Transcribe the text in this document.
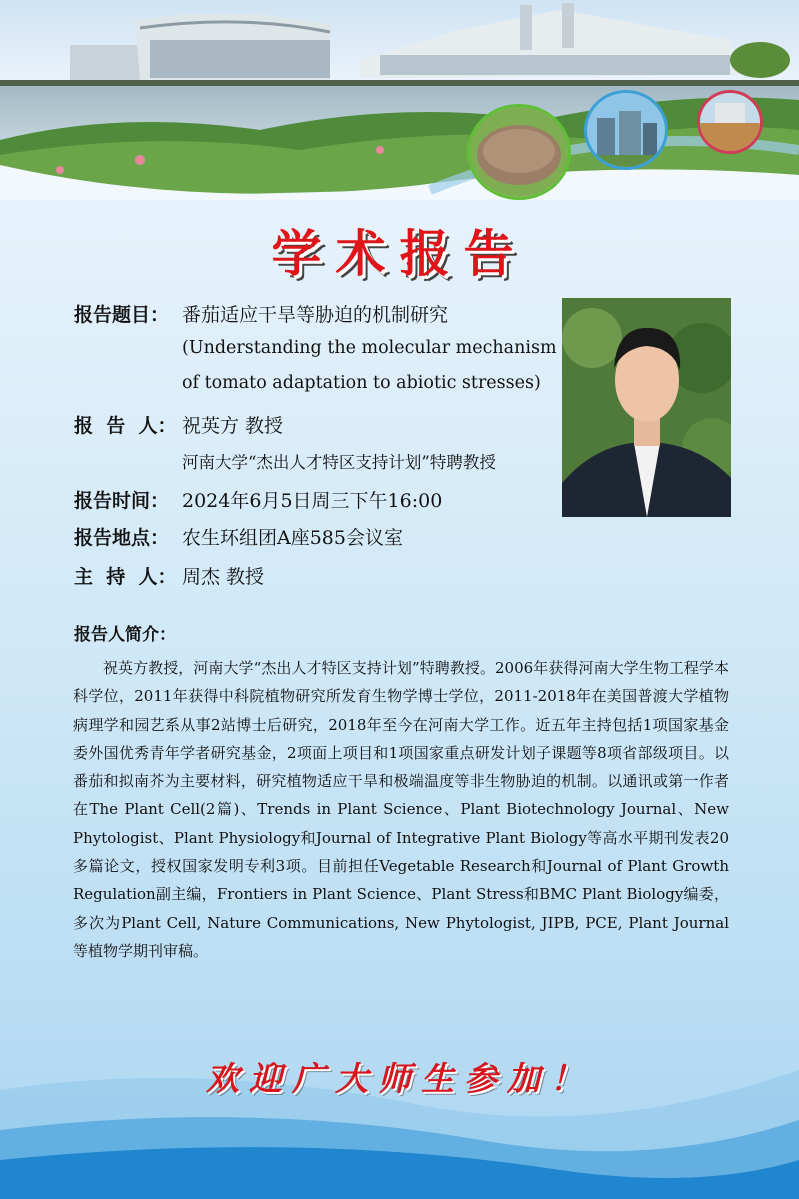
学术报告
报告题目： 番茄适应干旱等胁迫的机制研究
(Understanding the molecular mechanism
of tomato adaptation to abiotic stresses)
报  告  人： 祝英方 教授
河南大学“杰出人才特区支持计划”特聘教授
报告时间： 2024年6月5日周三下午16:00
报告地点： 农生环组团A座585会议室
主  持  人： 周杰 教授
报告人简介：
祝英方教授，河南大学“杰出人才特区支持计划”特聘教授。2006年获得河南大学生物工程学本科学位，2011年获得中科院植物研究所发育生物学博士学位，2011-2018年在美国普渡大学植物病理学和园艺系从事2站博士后研究，2018年至今在河南大学工作。近五年主持包括1项国家基金委外国优秀青年学者研究基金，2项面上项目和1项国家重点研发计划子课题等8项省部级项目。以番茄和拟南芥为主要材料，研究植物适应干旱和极端温度等非生物胁迫的机制。以通讯或第一作者在The Plant Cell(2篇)、Trends in Plant Science、Plant Biotechnology Journal、New Phytologist、Plant Physiology和Journal of Integrative Plant Biology等高水平期刊发表20多篇论文，授权国家发明专利3项。目前担任Vegetable Research和Journal of Plant Growth Regulation副主编，Frontiers in Plant Science、Plant Stress和BMC Plant Biology编委，多次为Plant Cell, Nature Communications, New Phytologist, JIPB, PCE, Plant Journal等植物学期刊审稿。
欢迎广大师生参加！
